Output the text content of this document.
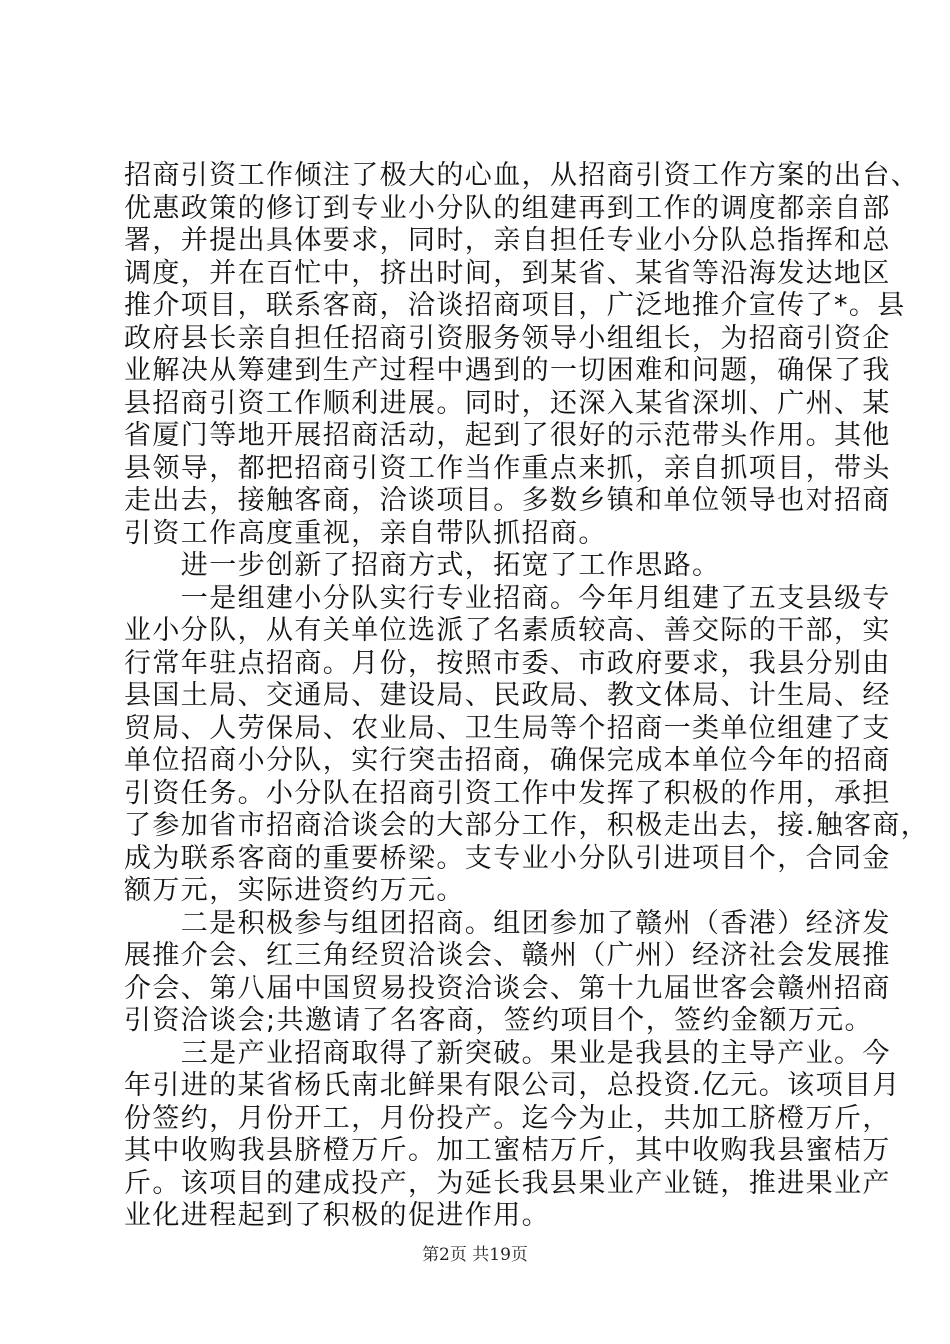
招商引资工作倾注了极大的心血，从招商引资工作方案的出台、
优惠政策的修订到专业小分队的组建再到工作的调度都亲自部
署，并提出具体要求，同时，亲自担任专业小分队总指挥和总
调度，并在百忙中，挤出时间，到某省、某省等沿海发达地区
推介项目，联系客商，洽谈招商项目，广泛地推介宣传了*。县
政府县长亲自担任招商引资服务领导小组组长，为招商引资企
业解决从筹建到生产过程中遇到的一切困难和问题，确保了我
县招商引资工作顺利进展。同时，还深入某省深圳、广州、某
省厦门等地开展招商活动，起到了很好的示范带头作用。其他
县领导，都把招商引资工作当作重点来抓，亲自抓项目，带头
走出去，接触客商，洽谈项目。多数乡镇和单位领导也对招商
引资工作高度重视，亲自带队抓招商。
　　进一步创新了招商方式，拓宽了工作思路。
　　一是组建小分队实行专业招商。今年月组建了五支县级专
业小分队，从有关单位选派了名素质较高、善交际的干部，实
行常年驻点招商。月份，按照市委、市政府要求，我县分别由
县国土局、交通局、建设局、民政局、教文体局、计生局、经
贸局、人劳保局、农业局、卫生局等个招商一类单位组建了支
单位招商小分队，实行突击招商，确保完成本单位今年的招商
引资任务。小分队在招商引资工作中发挥了积极的作用，承担
了参加省市招商洽谈会的大部分工作，积极走出去，接.触客商，
成为联系客商的重要桥梁。支专业小分队引进项目个，合同金
额万元，实际进资约万元。
　　二是积极参与组团招商。组团参加了赣州（香港）经济发
展推介会、红三角经贸洽谈会、赣州（广州）经济社会发展推
介会、第八届中国贸易投资洽谈会、第十九届世客会赣州招商
引资洽谈会;共邀请了名客商，签约项目个，签约金额万元。
　　三是产业招商取得了新突破。果业是我县的主导产业。今
年引进的某省杨氏南北鲜果有限公司，总投资.亿元。该项目月
份签约，月份开工，月份投产。迄今为止，共加工脐橙万斤，
其中收购我县脐橙万斤。加工蜜桔万斤，其中收购我县蜜桔万
斤。该项目的建成投产，为延长我县果业产业链，推进果业产
业化进程起到了积极的促进作用。
第2页 共19页
